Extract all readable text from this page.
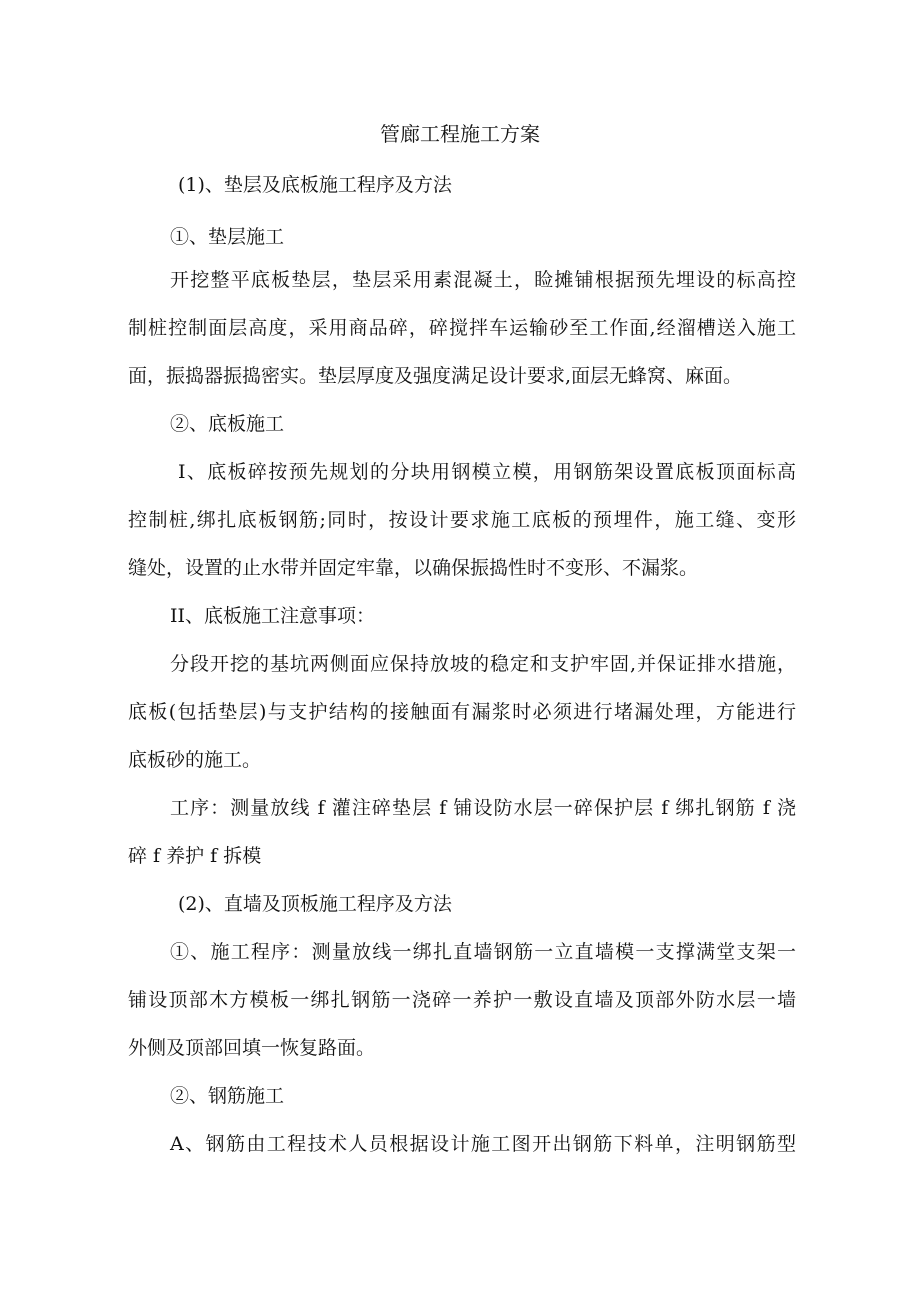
管廊工程施工方案
(1)、垫层及底板施工程序及方法
①、垫层施工
开挖整平底板垫层，垫层采用素混凝土，睑摊铺根据预先埋设的标高控
制桩控制面层高度，采用商品碎，碎搅拌车运输砂至工作面,经溜槽送入施工
面，振捣器振捣密实。垫层厚度及强度满足设计要求,面层无蜂窝、麻面。
②、底板施工
I、底板碎按预先规划的分块用钢模立模，用钢筋架设置底板顶面标高
控制桩,绑扎底板钢筋;同时，按设计要求施工底板的预埋件，施工缝、变形
缝处，设置的止水带并固定牢靠，以确保振捣性时不变形、不漏浆。
II、底板施工注意事项：
分段开挖的基坑两侧面应保持放坡的稳定和支护牢固,并保证排水措施，
底板(包括垫层)与支护结构的接触面有漏浆时必须进行堵漏处理，方能进行
底板砂的施工。
工序：测量放线 f 灌注碎垫层 f 铺设防水层一碎保护层 f 绑扎钢筋 f 浇
碎 f 养护 f 拆模
(2)、直墙及顶板施工程序及方法
①、施工程序：测量放线一绑扎直墙钢筋一立直墙模一支撑满堂支架一
铺设顶部木方模板一绑扎钢筋一浇碎一养护一敷设直墙及顶部外防水层一墙
外侧及顶部回填一恢复路面。
②、钢筋施工
A、钢筋由工程技术人员根据设计施工图开出钢筋下料单，注明钢筋型
